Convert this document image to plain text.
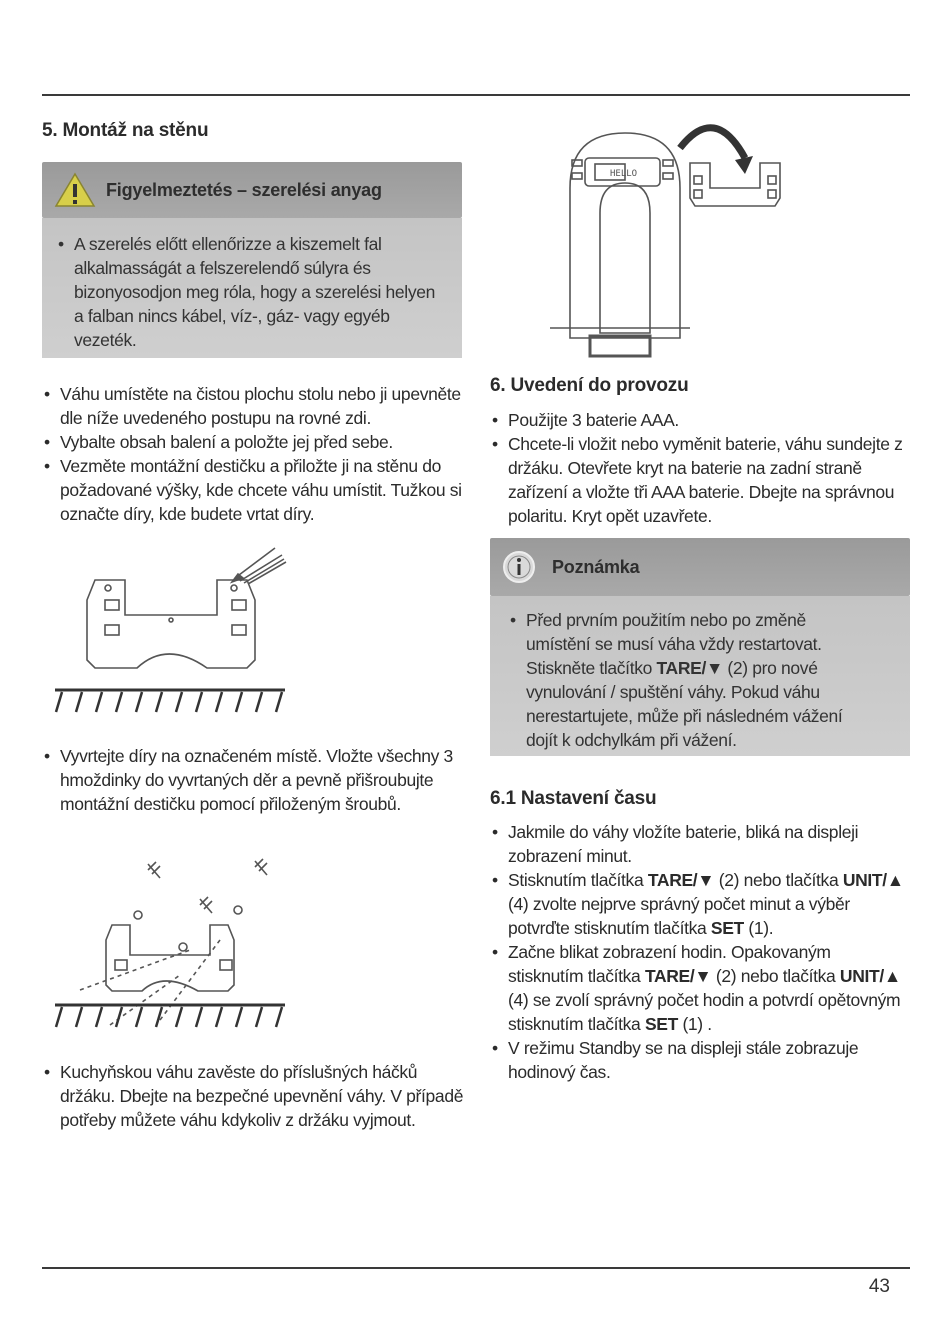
5. Montáž na stěnu
Figyelmeztetés – szerelési anyag
• A szerelés előtt ellenőrizze a kiszemelt fal alkalmasságát a felszerelendő súlyra és bizonyosodjon meg róla, hogy a szerelési helyen a falban nincs kábel, víz-, gáz- vagy egyéb vezeték.
• Váhu umístěte na čistou plochu stolu nebo ji upevněte dle níže uvedeného postupu na rovné zdi.
• Vybalte obsah balení a položte jej před sebe.
• Vezměte montážní destičku a přiložte ji na stěnu do požadované výšky, kde chcete váhu umístit. Tužkou si označte díry, kde budete vrtat díry.
• Vyvrtejte díry na označeném místě. Vložte všechny 3 hmoždinky do vyvrtaných děr a pevně přišroubujte montážní destičku pomocí přiloženým šroubů.
• Kuchyňskou váhu zavěste do příslušných háčků držáku. Dbejte na bezpečné upevnění váhy. V případě potřeby můžete váhu kdykoliv z držáku vyjmout.
HELLO
6. Uvedení do provozu
• Použijte 3 baterie AAA.
• Chcete-li vložit nebo vyměnit baterie, váhu sundejte z držáku. Otevřete kryt na baterie na zadní straně zařízení a vložte tři AAA baterie. Dbejte na správnou polaritu. Kryt opět uzavřete.
Poznámka
• Před prvním použitím nebo po změně umístění se musí váha vždy restartovat. Stiskněte tlačítko TARE/▼ (2) pro nové vynulování / spuštění váhy. Pokud váhu nerestartujete, může při následném vážení dojít k odchylkám při vážení.
6.1 Nastavení času
• Jakmile do váhy vložíte baterie, bliká na displeji zobrazení minut.
• Stisknutím tlačítka TARE/▼ (2) nebo tlačítka UNIT/▲ (4) zvolte nejprve správný počet minut a výběr potvrďte stisknutím tlačítka SET (1).
• Začne blikat zobrazení hodin. Opakovaným stisknutím tlačítka TARE/▼ (2) nebo tlačítka UNIT/▲ (4) se zvolí správný počet hodin a potvrdí opětovným stisknutím tlačítka SET (1) .
• V režimu Standby se na displeji stále zobrazuje hodinový čas.
43
